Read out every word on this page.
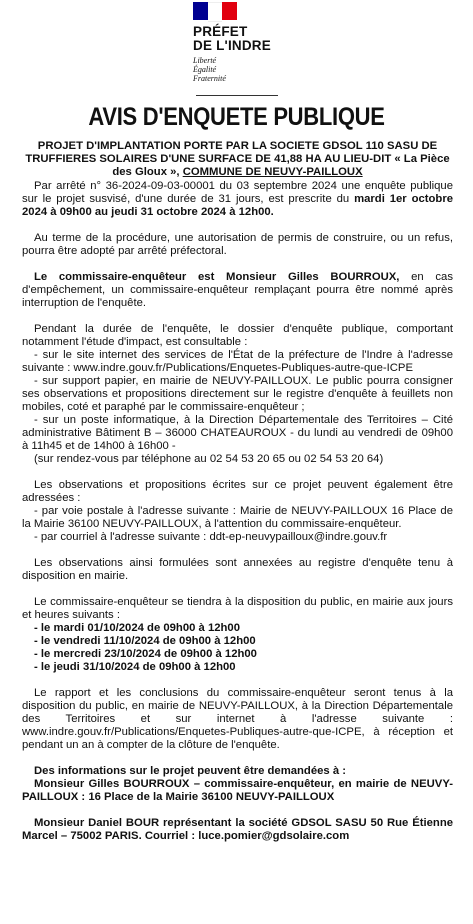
PRÉFET
DE L'INDRE
Liberté
Égalité
Fraternité
AVIS D'ENQUETE PUBLIQUE
PROJET D'IMPLANTATION PORTE PAR LA SOCIETE GDSOL 110 SASU DE
TRUFFIERES SOLAIRES D'UNE SURFACE DE 41,88 HA AU LIEU-DIT « La Pièce
des Gloux », COMMUNE DE NEUVY-PAILLOUX

Par arrêté n° 36-2024-09-03-00001 du 03 septembre 2024 une enquête publique sur le projet susvisé, d'une durée de 31 jours, est prescrite du mardi 1er octobre 2024 à 09h00 au jeudi 31 octobre 2024 à 12h00.

Au terme de la procédure, une autorisation de permis de construire, ou un refus, pourra être adopté par arrêté préfectoral.

Le commissaire-enquêteur est Monsieur Gilles BOURROUX, en cas d'empêchement, un commissaire-enquêteur remplaçant pourra être nommé après interruption de l'enquête.

Pendant la durée de l'enquête, le dossier d'enquête publique, comportant notamment l'étude d'impact, est consultable :

- sur le site internet des services de l'État de la préfecture de l'Indre à l'adresse suivante : www.indre.gouv.fr/Publications/Enquetes-Publiques-autre-que-ICPE

- sur support papier, en mairie de NEUVY-PAILLOUX. Le public pourra consigner ses observations et propositions directement sur le registre d'enquête à feuillets non mobiles, coté et paraphé par le commissaire-enquêteur ;

- sur un poste informatique, à la Direction Départementale des Territoires – Cité administrative Bâtiment B – 36000 CHATEAUROUX - du lundi au vendredi de 09h00 à 11h45 et de 14h00 à 16h00 -

(sur rendez-vous par téléphone au 02 54 53 20 65 ou 02 54 53 20 64)

Les observations et propositions écrites sur ce projet peuvent également être adressées :

- par voie postale à l'adresse suivante : Mairie de NEUVY-PAILLOUX 16 Place de la Mairie 36100 NEUVY-PAILLOUX, à l'attention du commissaire-enquêteur.

- par courriel à l'adresse suivante : ddt-ep-neuvypailloux@indre.gouv.fr

Les observations ainsi formulées sont annexées au registre d'enquête tenu à disposition en mairie.

Le commissaire-enquêteur se tiendra à la disposition du public, en mairie aux jours et heures suivants :

- le mardi 01/10/2024 de 09h00 à 12h00
- le vendredi 11/10/2024 de 09h00 à 12h00
- le mercredi 23/10/2024 de 09h00 à 12h00
- le jeudi 31/10/2024 de 09h00 à 12h00

Le rapport et les conclusions du commissaire-enquêteur seront tenus à la disposition du public, en mairie de NEUVY-PAILLOUX, à la Direction Départementale des Territoires et sur internet à l'adresse suivante : www.indre.gouv.fr/Publications/Enquetes-Publiques-autre-que-ICPE, à réception et pendant un an à compter de la clôture de l'enquête.

Des informations sur le projet peuvent être demandées à :

Monsieur Gilles BOURROUX – commissaire-enquêteur, en mairie de NEUVY-PAILLOUX : 16 Place de la Mairie 36100 NEUVY-PAILLOUX

Monsieur Daniel BOUR représentant la société GDSOL SASU 50 Rue Étienne Marcel – 75002 PARIS. Courriel : luce.pomier@gdsolaire.com
